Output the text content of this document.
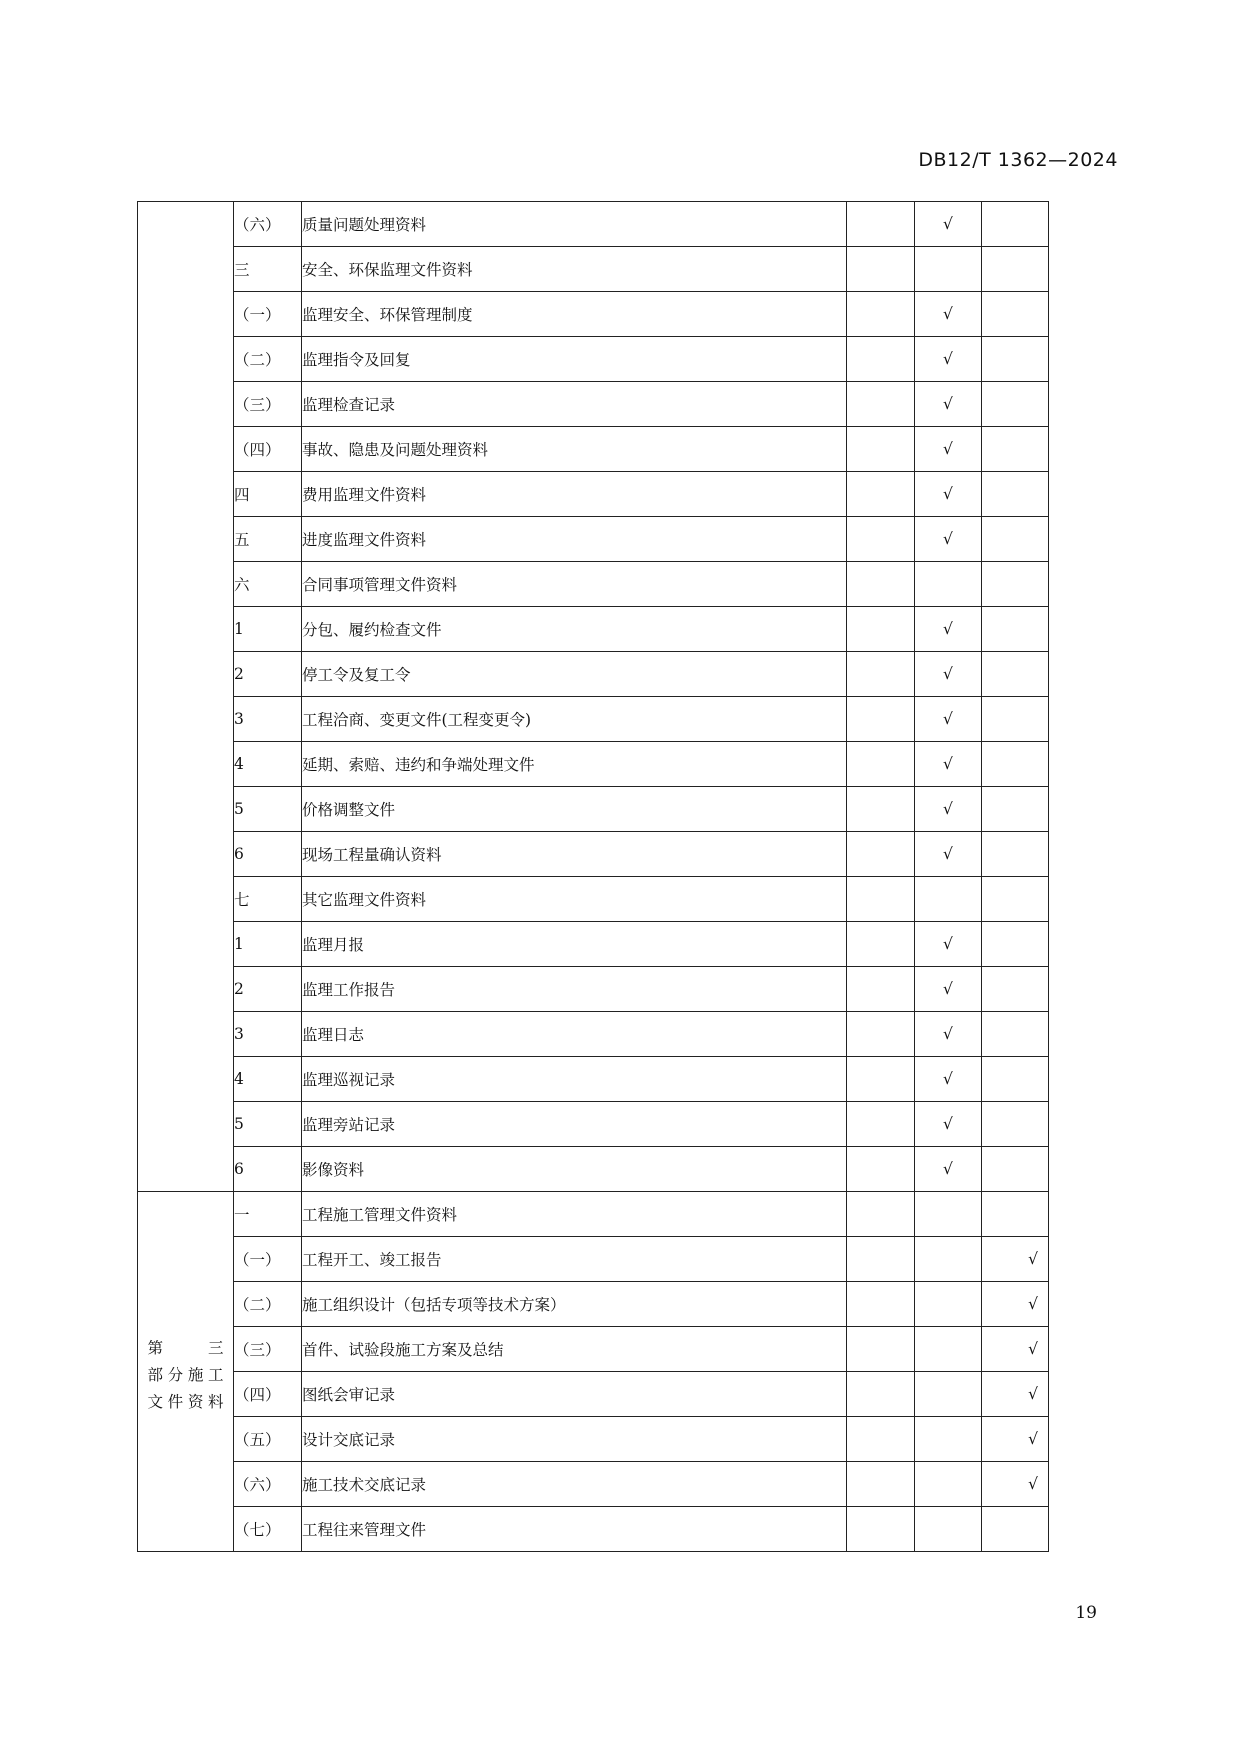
DB12/T 1362—2024
	（六）	质量问题处理资料		√	
	三	安全、环保监理文件资料			
	（一）	监理安全、环保管理制度		√	
	（二）	监理指令及回复		√	
	（三）	监理检查记录		√	
	（四）	事故、隐患及问题处理资料		√	
	四	费用监理文件资料		√	
	五	进度监理文件资料		√	
	六	合同事项管理文件资料			
	1	分包、履约检查文件		√	
	2	停工令及复工令		√	
	3	工程洽商、变更文件(工程变更令)		√	
	4	延期、索赔、违约和争端处理文件		√	
	5	价格调整文件		√	
	6	现场工程量确认资料		√	
	七	其它监理文件资料			
	1	监理月报		√	
	2	监理工作报告		√	
	3	监理日志		√	
	4	监理巡视记录		√	
	5	监理旁站记录		√	
	6	影像资料		√	

第　三
部分施工
文件资料	一	工程施工管理文件资料			
	（一）	工程开工、竣工报告			√
	（二）	施工组织设计（包括专项等技术方案）			√
	（三）	首件、试验段施工方案及总结			√
	（四）	图纸会审记录			√
	（五）	设计交底记录			√
	（六）	施工技术交底记录			√
	（七）	工程往来管理文件			
19
